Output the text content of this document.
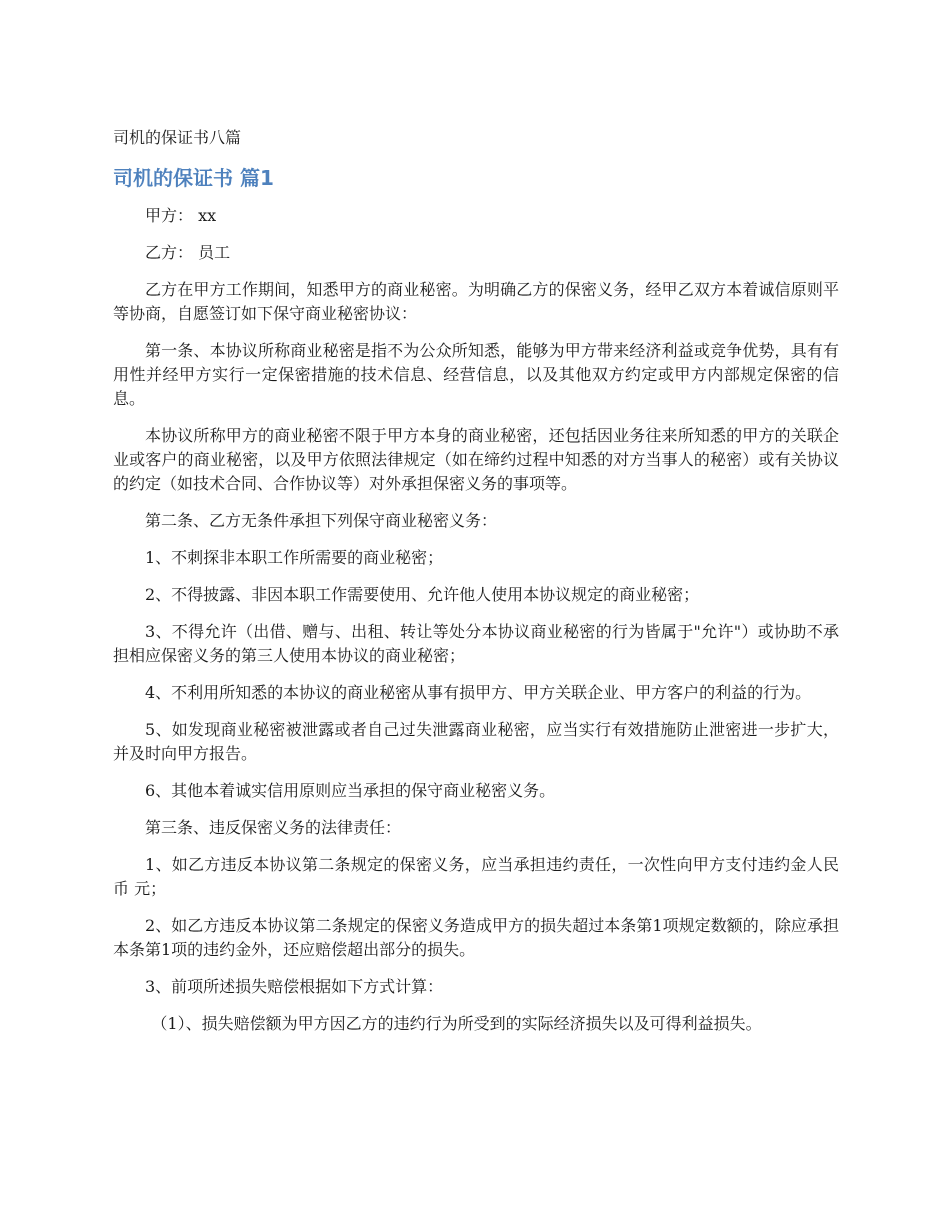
司机的保证书八篇
司机的保证书 篇1

甲方： xx

乙方： 员工

乙方在甲方工作期间，知悉甲方的商业秘密。为明确乙方的保密义务，经甲乙双方本着诚信原则平等协商，自愿签订如下保守商业秘密协议：

第一条、本协议所称商业秘密是指不为公众所知悉，能够为甲方带来经济利益或竞争优势，具有有用性并经甲方实行一定保密措施的技术信息、经营信息，以及其他双方约定或甲方内部规定保密的信息。

本协议所称甲方的商业秘密不限于甲方本身的商业秘密，还包括因业务往来所知悉的甲方的关联企业或客户的商业秘密，以及甲方依照法律规定（如在缔约过程中知悉的对方当事人的秘密）或有关协议的约定（如技术合同、合作协议等）对外承担保密义务的事项等。

第二条、乙方无条件承担下列保守商业秘密义务：

1、不刺探非本职工作所需要的商业秘密；

2、不得披露、非因本职工作需要使用、允许他人使用本协议规定的商业秘密；

3、不得允许（出借、赠与、出租、转让等处分本协议商业秘密的行为皆属于"允许"）或协助不承担相应保密义务的第三人使用本协议的商业秘密；

4、不利用所知悉的本协议的商业秘密从事有损甲方、甲方关联企业、甲方客户的利益的行为。

5、如发现商业秘密被泄露或者自己过失泄露商业秘密，应当实行有效措施防止泄密进一步扩大，并及时向甲方报告。

6、其他本着诚实信用原则应当承担的保守商业秘密义务。

第三条、违反保密义务的法律责任：

1、如乙方违反本协议第二条规定的保密义务，应当承担违约责任，一次性向甲方支付违约金人民币 元；

2、如乙方违反本协议第二条规定的保密义务造成甲方的损失超过本条第1项规定数额的，除应承担本条第1项的违约金外，还应赔偿超出部分的损失。

3、前项所述损失赔偿根据如下方式计算：

（1）、损失赔偿额为甲方因乙方的违约行为所受到的实际经济损失以及可得利益损失。
